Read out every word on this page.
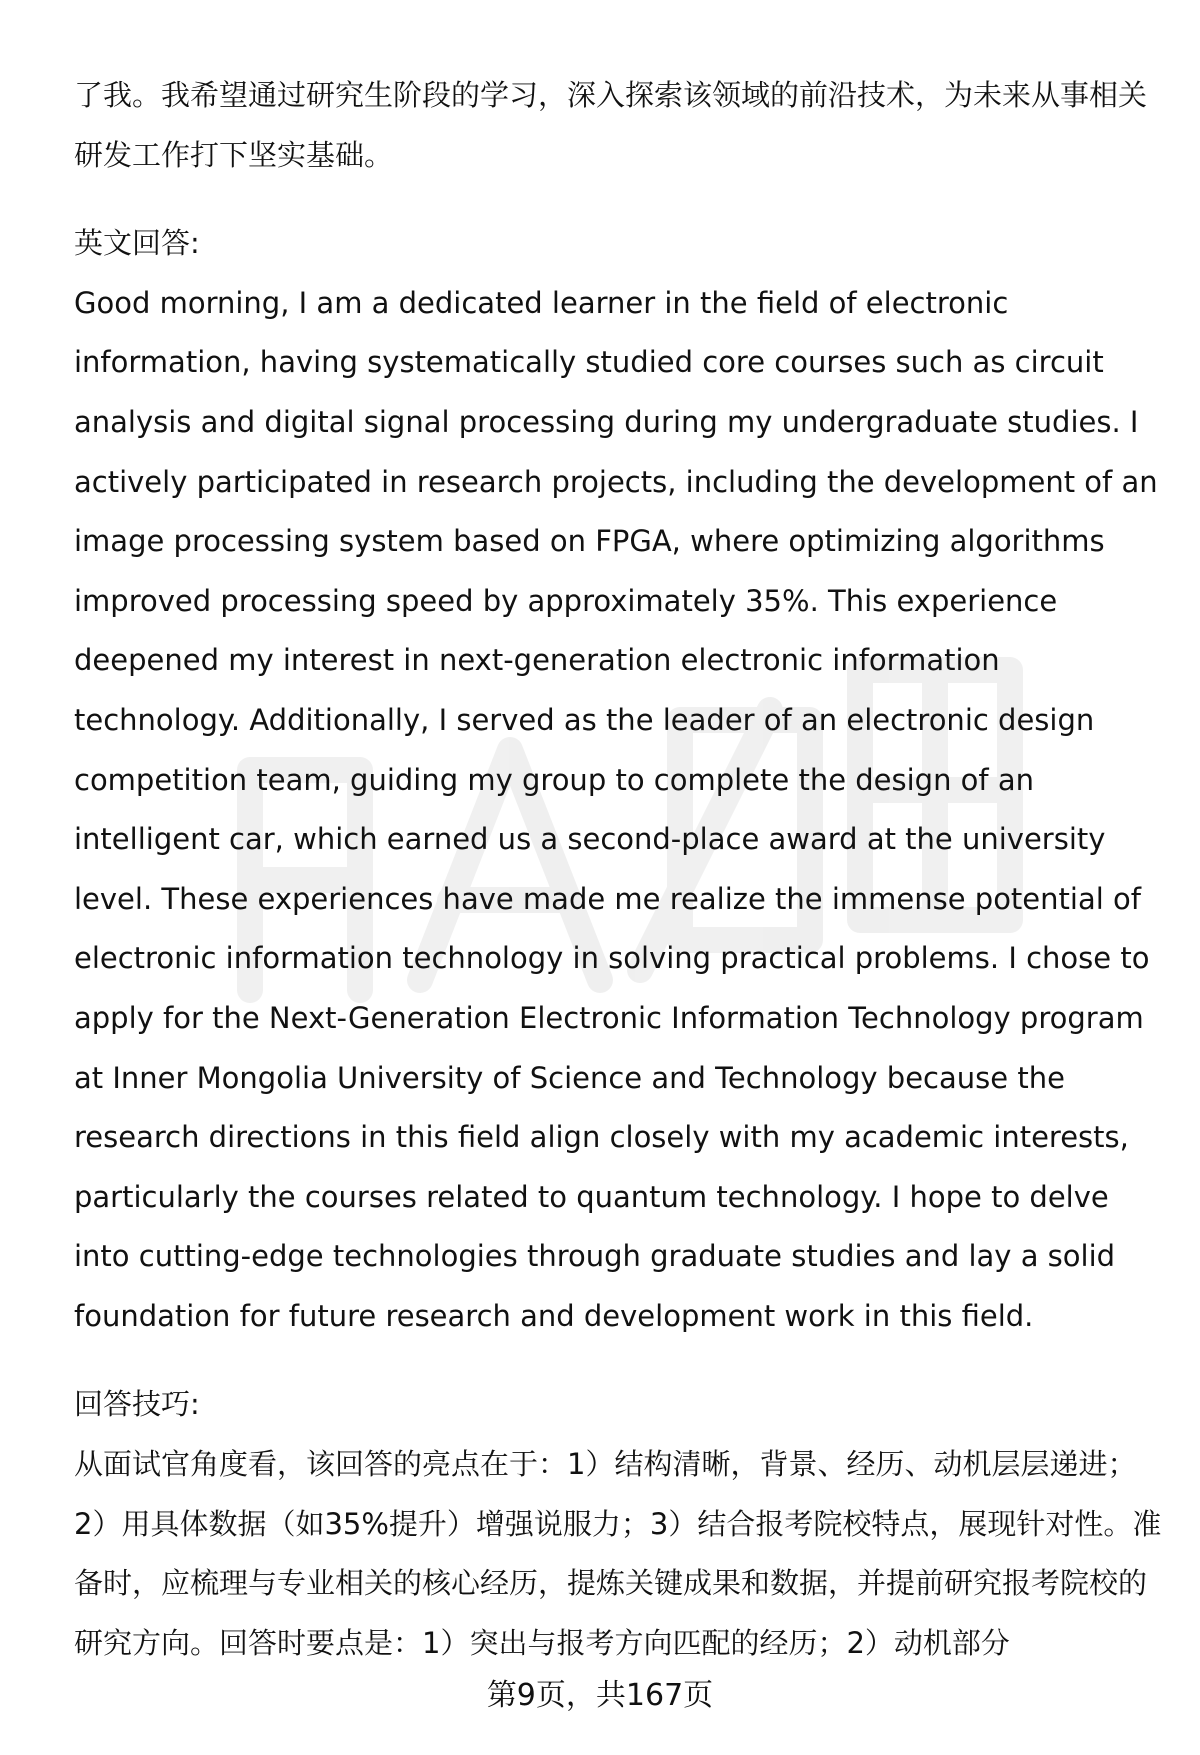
了我。我希望通过研究生阶段的学习，深入探索该领域的前沿技术，为未来从事相关研发工作打下坚实基础。

英文回答:

Good morning, I am a dedicated learner in the field of electronic information, having systematically studied core courses such as circuit analysis and digital signal processing during my undergraduate studies. I actively participated in research projects, including the development of an image processing system based on FPGA, where optimizing algorithms improved processing speed by approximately 35%. This experience deepened my interest in next-generation electronic information technology. Additionally, I served as the leader of an electronic design competition team, guiding my group to complete the design of an intelligent car, which earned us a second-place award at the university level. These experiences have made me realize the immense potential of electronic information technology in solving practical problems. I chose to apply for the Next-Generation Electronic Information Technology program at Inner Mongolia University of Science and Technology because the research directions in this field align closely with my academic interests, particularly the courses related to quantum technology. I hope to delve into cutting-edge technologies through graduate studies and lay a solid foundation for future research and development work in this field.

回答技巧:

从面试官角度看，该回答的亮点在于：1）结构清晰，背景、经历、动机层层递进；2）用具体数据（如35%提升）增强说服力；3）结合报考院校特点，展现针对性。准备时，应梳理与专业相关的核心经历，提炼关键成果和数据，并提前研究报考院校的研究方向。回答时要点是：1）突出与报考方向匹配的经历；2）动机部分

第9页，共167页
